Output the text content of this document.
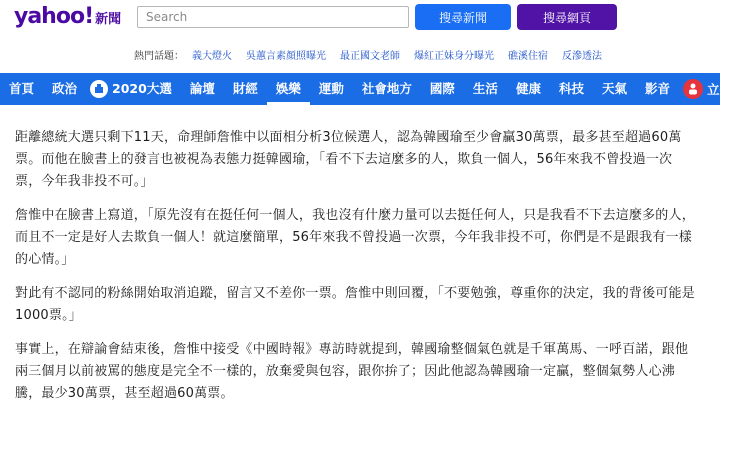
yahoo! 新聞
Search	搜尋新聞	搜尋網頁
熱門話題： 義大燈火 吳蕙言素顏照曝光 最正國文老師 爆紅正妹身分曝光 礁溪住宿 反滲透法
首頁	政治	2020大選	論壇	財經	娛樂	運動	社會地方	國際	生活	健康	科技	天氣	影音	立委on

距離總統大選只剩下11天，命理師詹惟中以面相分析3位候選人，認為韓國瑜至少會贏30萬票，最多甚至超過60萬票。而他在臉書上的發言也被視為表態力挺韓國瑜，「看不下去這麼多的人，欺負一個人，56年來我不曾投過一次票，今年我非投不可。」

詹惟中在臉書上寫道，「原先沒有在挺任何一個人，我也沒有什麼力量可以去挺任何人，只是我看不下去這麼多的人，而且不一定是好人去欺負一個人！就這麼簡單，56年來我不曾投過一次票，今年我非投不可，你們是不是跟我有一樣的心情。」

對此有不認同的粉絲開始取消追蹤，留言又不差你一票。詹惟中則回覆，「不要勉強，尊重你的決定，我的背後可能是1000票。」

事實上，在辯論會結束後，詹惟中接受《中國時報》專訪時就提到，韓國瑜整個氣色就是千軍萬馬、一呼百諾，跟他兩三個月以前被罵的態度是完全不一樣的，放棄愛與包容，跟你拚了；因此他認為韓國瑜一定贏，整個氣勢人心沸騰，最少30萬票，甚至超過60萬票。
